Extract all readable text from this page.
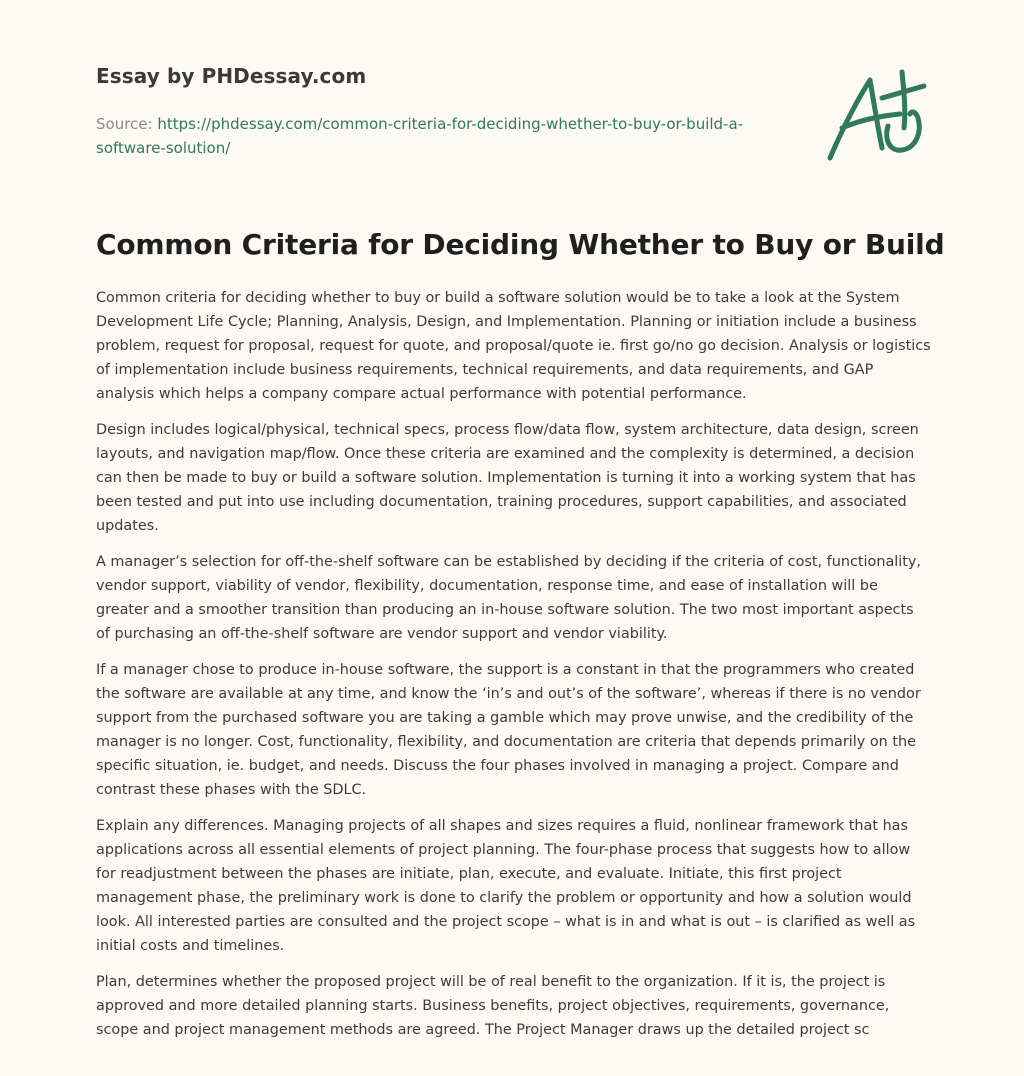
Essay by PHDessay.com
Source: https://phdessay.com/common-criteria-for-deciding-whether-to-buy-or-build-a-software-solution/
Common Criteria for Deciding Whether to Buy or Build

Common criteria for deciding whether to buy or build a software solution would be to take a look at the System Development Life Cycle; Planning, Analysis, Design, and Implementation. Planning or initiation include a business problem, request for proposal, request for quote, and proposal/quote ie. first go/no go decision. Analysis or logistics of implementation include business requirements, technical requirements, and data requirements, and GAP analysis which helps a company compare actual performance with potential performance.

Design includes logical/physical, technical specs, process flow/data flow, system architecture, data design, screen layouts, and navigation map/flow. Once these criteria are examined and the complexity is determined, a decision can then be made to buy or build a software solution. Implementation is turning it into a working system that has been tested and put into use including documentation, training procedures, support capabilities, and associated updates.

A manager’s selection for off-the-shelf software can be established by deciding if the criteria of cost, functionality, vendor support, viability of vendor, flexibility, documentation, response time, and ease of installation will be greater and a smoother transition than producing an in-house software solution. The two most important aspects of purchasing an off-the-shelf software are vendor support and vendor viability.

If a manager chose to produce in-house software, the support is a constant in that the programmers who created the software are available at any time, and know the ‘in’s and out’s of the software’, whereas if there is no vendor support from the purchased software you are taking a gamble which may prove unwise, and the credibility of the manager is no longer. Cost, functionality, flexibility, and documentation are criteria that depends primarily on the specific situation, ie. budget, and needs. Discuss the four phases involved in managing a project. Compare and contrast these phases with the SDLC.

Explain any differences. Managing projects of all shapes and sizes requires a fluid, nonlinear framework that has applications across all essential elements of project planning. The four-phase process that suggests how to allow for readjustment between the phases are initiate, plan, execute, and evaluate. Initiate, this first project management phase, the preliminary work is done to clarify the problem or opportunity and how a solution would look. All interested parties are consulted and the project scope – what is in and what is out – is clarified as well as initial costs and timelines.

Plan, determines whether the proposed project will be of real benefit to the organization. If it is, the project is approved and more detailed planning starts. Business benefits, project objectives, requirements, governance, scope and project management methods are agreed. The Project Manager draws up the detailed project sc
